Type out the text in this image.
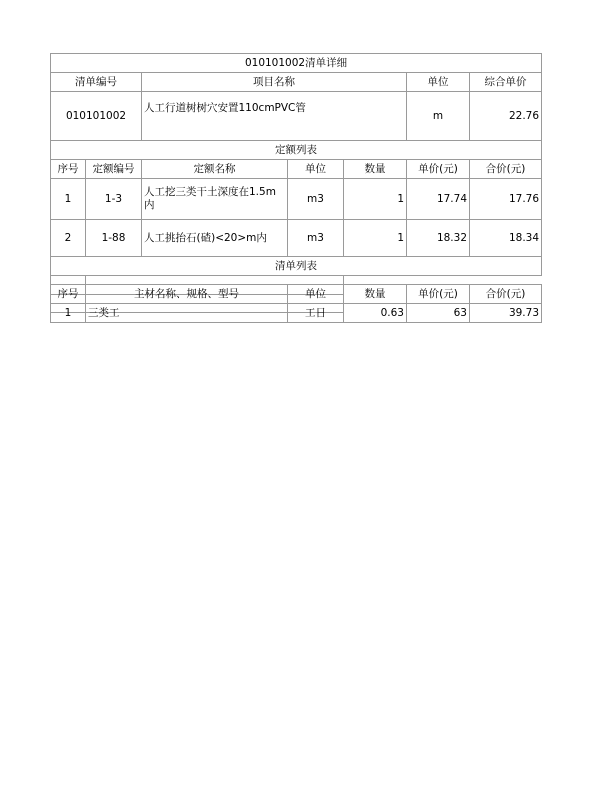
010101002清单详细						
清单编号		项目名称			单位	综合单价
010101002		人工行道树树穴安置110cmPVC管			m	22.76
定额列表						
序号	定额编号	定额名称	单位	数量	单价(元)	合价(元)
1	1-3	人工挖三类干土深度在1.5m内	m3	1	17.74	17.76
2	1-88	人工挑抬石(碴)<20>m内	m3	1	18.32	18.34
清单列表						

序号	主材名称、规格、型号	单位	数量	单价(元)	合价(元)
1	三类工	工日	0.63	63	39.73
